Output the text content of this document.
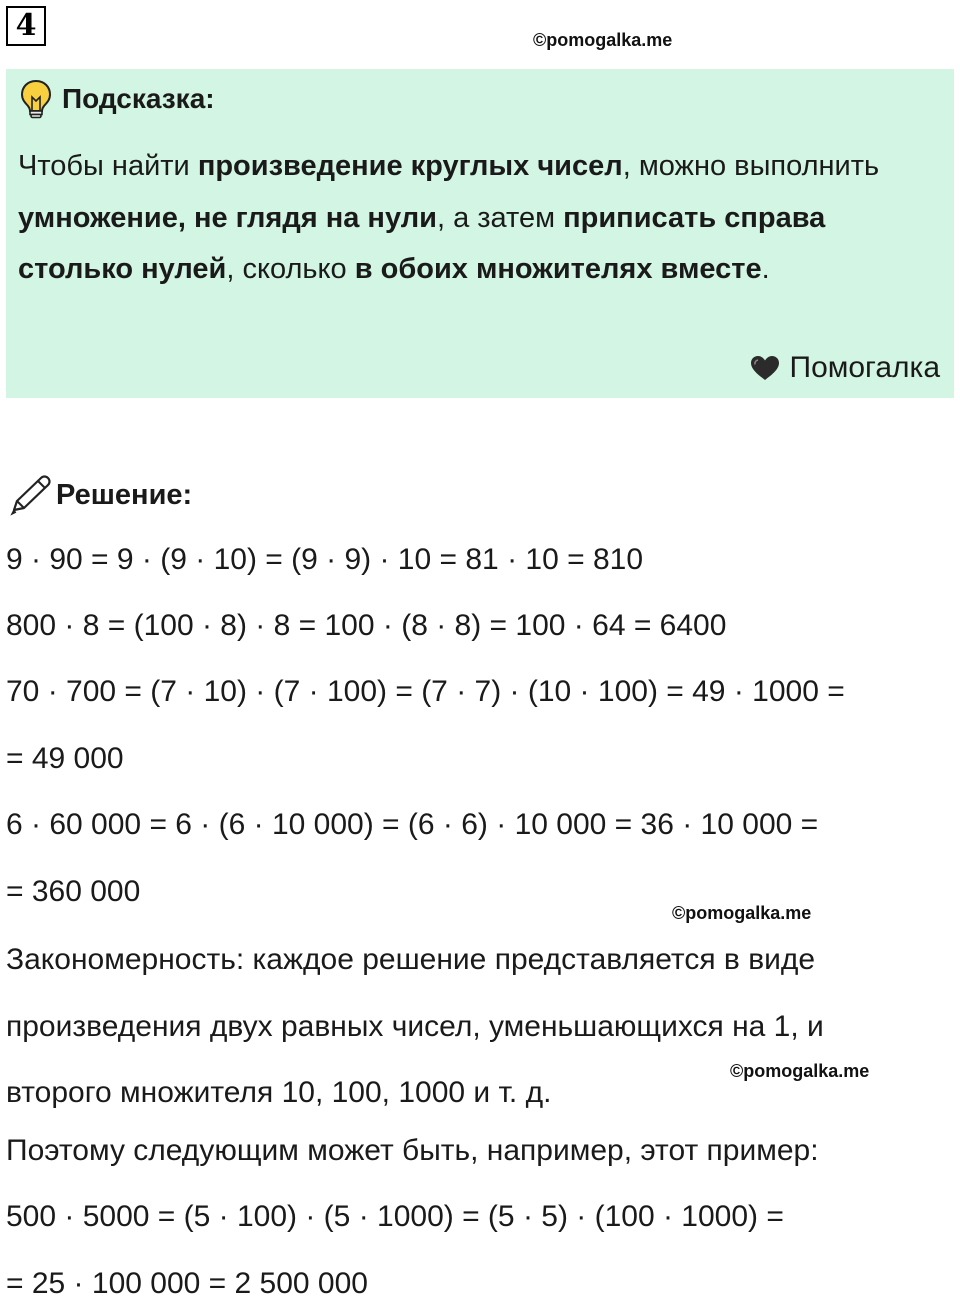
4	©pomogalka.me
Подсказка:
Чтобы найти произведение круглых чисел, можно выполнить умножение, не глядя на нули, а затем приписать справа столько нулей, сколько в обоих множителях вместе.
Помогалка
Решение:
9 · 90 = 9 · (9 · 10) = (9 · 9) · 10 = 81 · 10 = 810
800 · 8 = (100 · 8) · 8 = 100 · (8 · 8) = 100 · 64 = 6400
70 · 700 = (7 · 10) · (7 · 100) = (7 · 7) · (10 · 100) = 49 · 1000 =
= 49 000
6 · 60 000 = 6 · (6 · 10 000) = (6 · 6) · 10 000 = 36 · 10 000 =
= 360 000
©pomogalka.me
Закономерность: каждое решение представляется в виде
произведения двух равных чисел, уменьшающихся на 1, и
©pomogalka.me
второго множителя 10, 100, 1000 и т. д.
Поэтому следующим может быть, например, этот пример:
500 · 5000 = (5 · 100) · (5 · 1000) = (5 · 5) · (100 · 1000) =
= 25 · 100 000 = 2 500 000
